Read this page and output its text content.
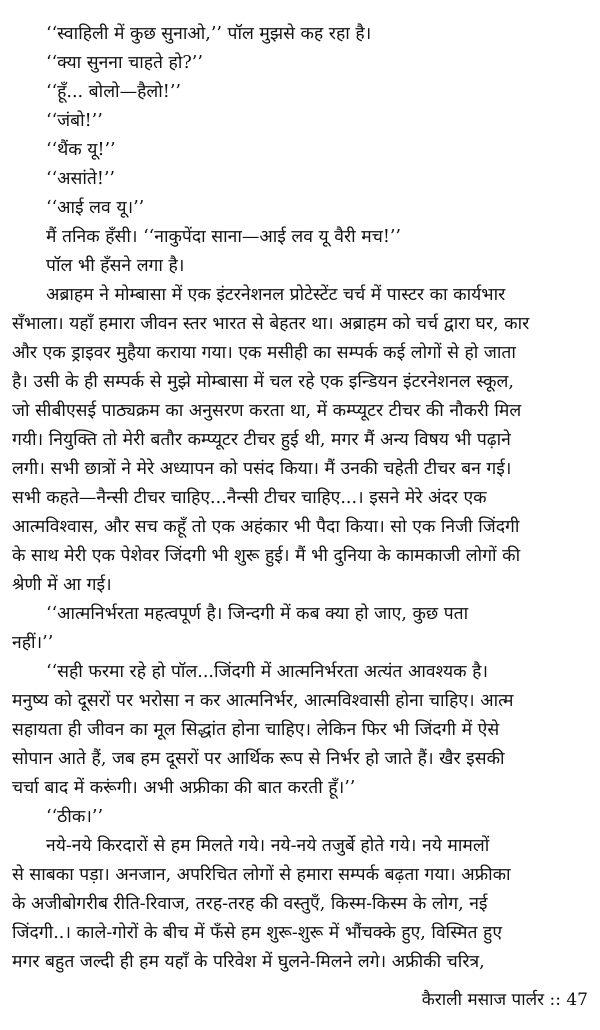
‘‘स्वाहिली में कुछ सुनाओ,’’ पॉल मुझसे कह रहा है।
‘‘क्या सुनना चाहते हो?’’
‘‘हूँ... बोलो—हैलो!’’
‘‘जंबो!’’
‘‘थैंक यू!’’
‘‘असांते!’’
‘‘आई लव यू।’’
मैं तनिक हँसी। ‘‘नाकुपेंदा साना—आई लव यू वैरी मच!’’
पॉल भी हँसने लगा है।
अब्राहम ने मोम्बासा में एक इंटरनेशनल प्रोटेस्टेंट चर्च में पास्टर का कार्यभार
सँभाला। यहाँ हमारा जीवन स्तर भारत से बेहतर था। अब्राहम को चर्च द्वारा घर, कार
और एक ड्राइवर मुहैया कराया गया। एक मसीही का सम्पर्क कई लोगों से हो जाता
है। उसी के ही सम्पर्क से मुझे मोम्बासा में चल रहे एक इन्डियन इंटरनेशनल स्कूल,
जो सीबीएसई पाठ्यक्रम का अनुसरण करता था, में कम्प्यूटर टीचर की नौकरी मिल
गयी। नियुक्ति तो मेरी बतौर कम्प्यूटर टीचर हुई थी, मगर मैं अन्य विषय भी पढ़ाने
लगी। सभी छात्रों ने मेरे अध्यापन को पसंद किया। मैं उनकी चहेती टीचर बन गई।
सभी कहते—नैन्सी टीचर चाहिए...नैन्सी टीचर चाहिए...। इसने मेरे अंदर एक
आत्मविश्वास, और सच कहूँ तो एक अहंकार भी पैदा किया। सो एक निजी जिंदगी
के साथ मेरी एक पेशेवर जिंदगी भी शुरू हुई। मैं भी दुनिया के कामकाजी लोगों की
श्रेणी में आ गई।
‘‘आत्मनिर्भरता महत्वपूर्ण है। जिन्दगी में कब क्या हो जाए, कुछ पता
नहीं।’’
‘‘सही फरमा रहे हो पॉल...जिंदगी में आत्मनिर्भरता अत्यंत आवश्यक है।
मनुष्य को दूसरों पर भरोसा न कर आत्मनिर्भर, आत्मविश्वासी होना चाहिए। आत्म
सहायता ही जीवन का मूल सिद्धांत होना चाहिए। लेकिन फिर भी जिंदगी में ऐसे
सोपान आते हैं, जब हम दूसरों पर आर्थिक रूप से निर्भर हो जाते हैं। खैर इसकी
चर्चा बाद में करूंगी। अभी अफ्रीका की बात करती हूँ।’’
‘‘ठीक।’’
नये-नये किरदारों से हम मिलते गये। नये-नये तजुर्बे होते गये। नये मामलों
से साबका पड़ा। अनजान, अपरिचित लोगों से हमारा सम्पर्क बढ़ता गया। अफ्रीका
के अजीबोगरीब रीति-रिवाज, तरह-तरह की वस्तुएँ, किस्म-किस्म के लोग, नई
जिंदगी..। काले-गोरों के बीच में फँसे हम शुरू-शुरू में भौंचक्के हुए, विस्मित हुए
मगर बहुत जल्दी ही हम यहाँ के परिवेश में घुलने-मिलने लगे। अफ्रीकी चरित्र,
कैराली मसाज पार्लर :: 47
